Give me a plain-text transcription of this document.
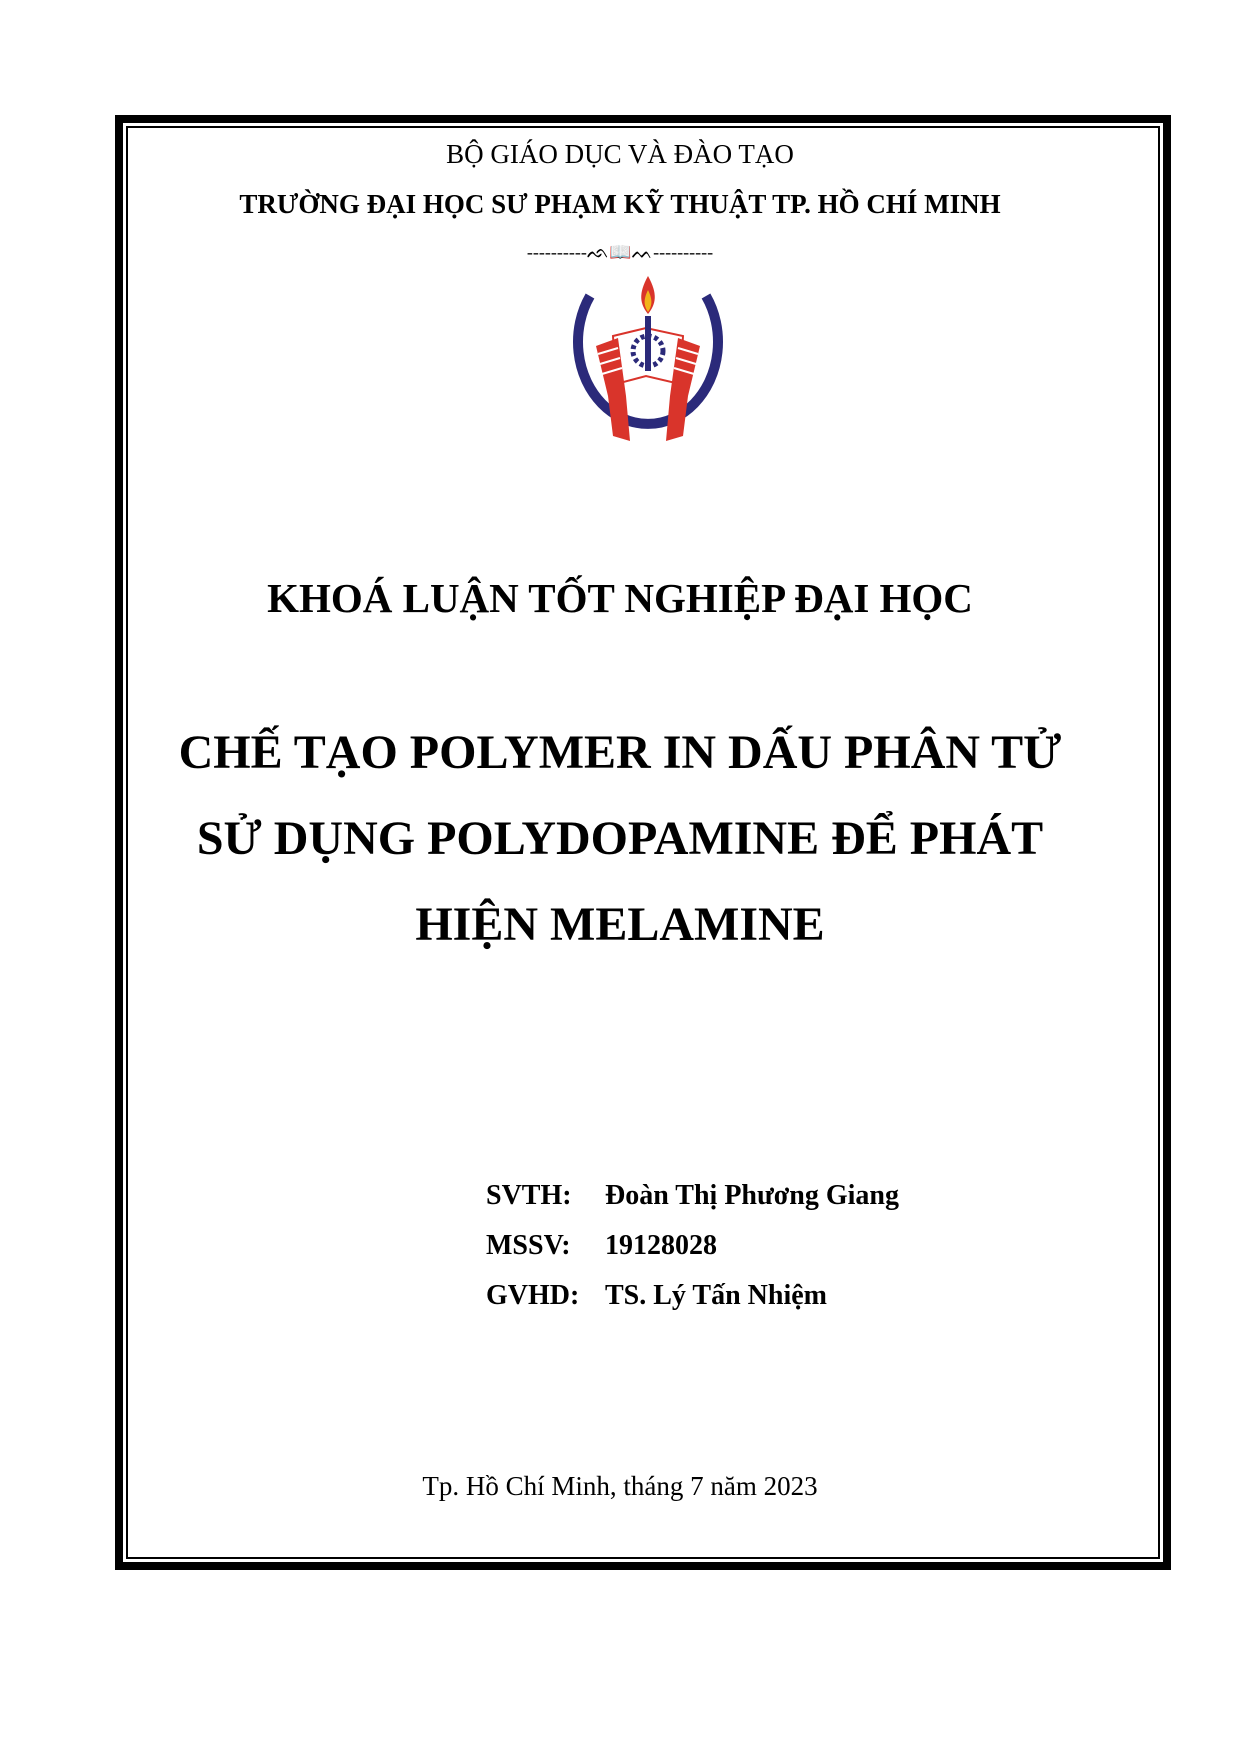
BỘ GIÁO DỤC VÀ ĐÀO TẠO
TRƯỜNG ĐẠI HỌC SƯ PHẠM KỸ THUẬT TP. HỒ CHÍ MINH
----------ᨒ📖ᨓ----------
KHOÁ LUẬN TỐT NGHIỆP ĐẠI HỌC
CHẾ TẠO POLYMER IN DẤU PHÂN TỬ
SỬ DỤNG POLYDOPAMINE ĐỂ PHÁT
HIỆN MELAMINE
SVTH: Đoàn Thị Phương Giang
MSSV: 19128028
GVHD: TS. Lý Tấn Nhiệm
Tp. Hồ Chí Minh, tháng 7 năm 2023
